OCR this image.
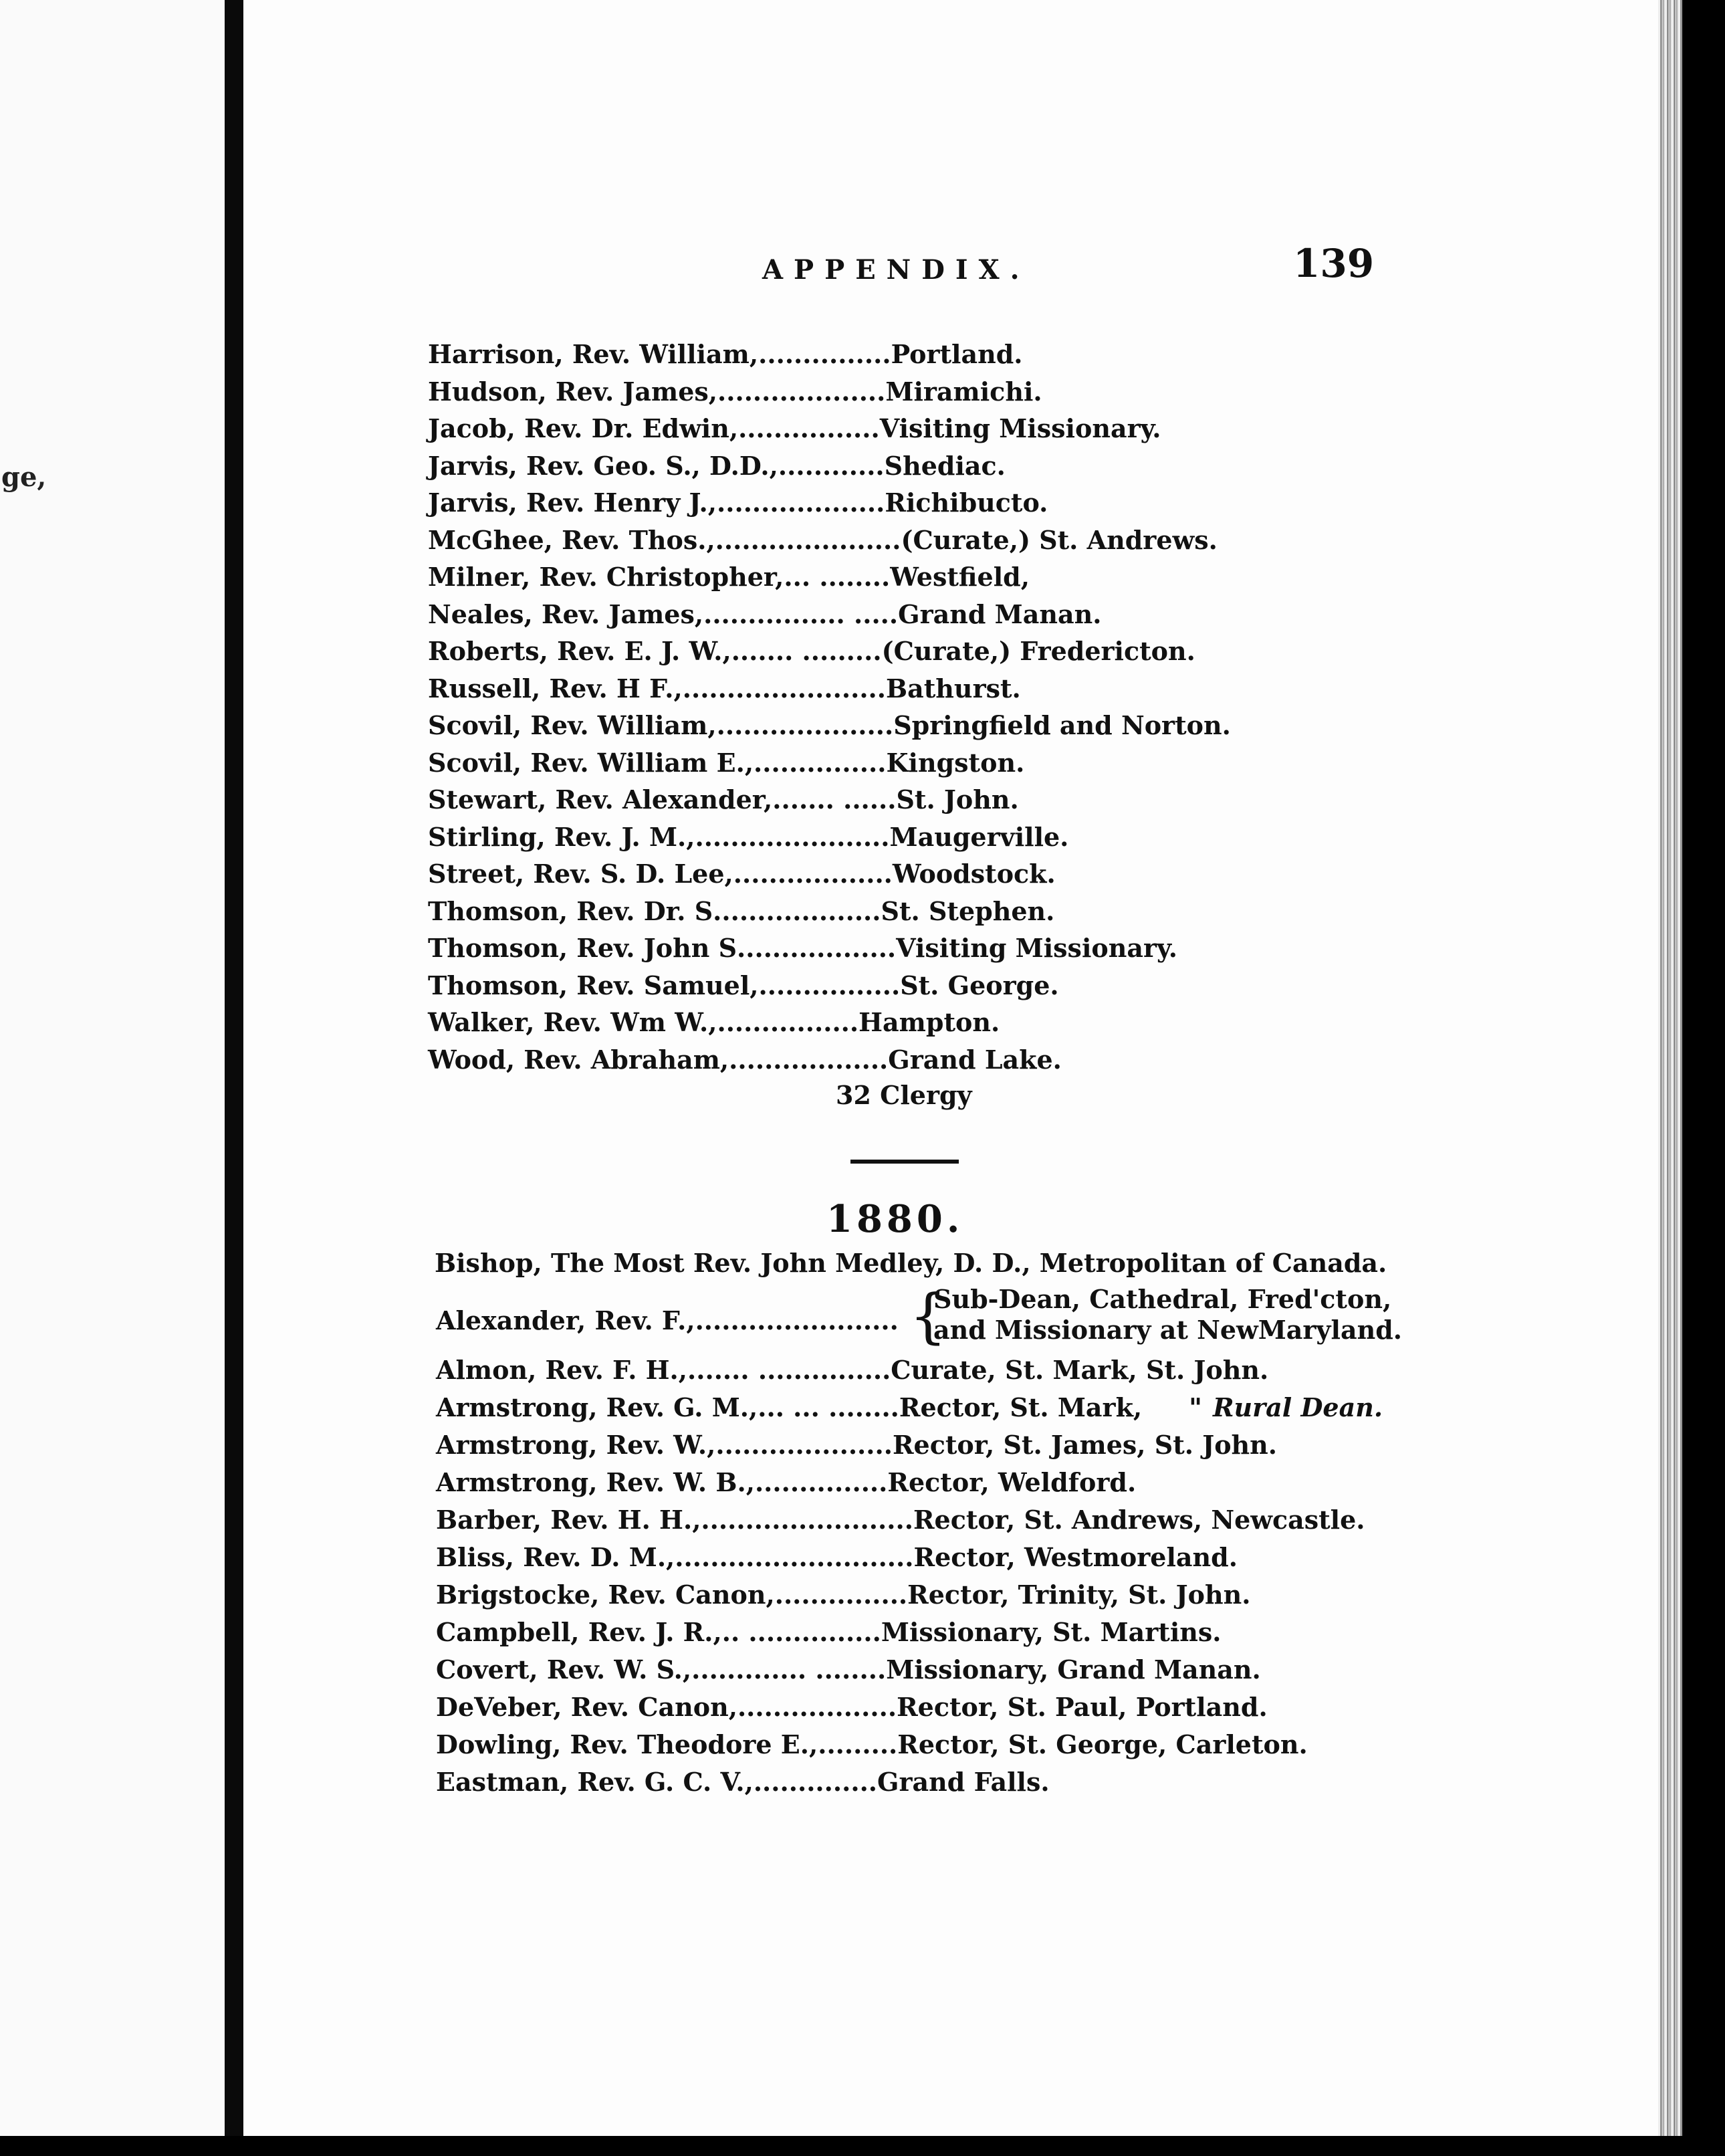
ge,
APPENDIX.	139
Harrison, Rev. William,...............Portland.
Hudson, Rev. James,...................Miramichi.
Jacob, Rev. Dr. Edwin,................Visiting Missionary.
Jarvis, Rev. Geo. S., D.D.,............Shediac.
Jarvis, Rev. Henry J.,...................Richibucto.
McGhee, Rev. Thos.,.....................(Curate,) St. Andrews.
Milner, Rev. Christopher,... ........Westfield,
Neales, Rev. James,................ .....Grand Manan.
Roberts, Rev. E. J. W.,....... .........(Curate,) Fredericton.
Russell, Rev. H F.,.......................Bathurst.
Scovil, Rev. William,....................Springfield and Norton.
Scovil, Rev. William E.,...............Kingston.
Stewart, Rev. Alexander,....... ......St. John.
Stirling, Rev. J. M.,......................Maugerville.
Street, Rev. S. D. Lee,..................Woodstock.
Thomson, Rev. Dr. S...................St. Stephen.
Thomson, Rev. John S..................Visiting Missionary.
Thomson, Rev. Samuel,................St. George.
Walker, Rev. Wm W.,................Hampton.
Wood, Rev. Abraham,..................Grand Lake.
32 Clergy
1880.
Bishop, The Most Rev. John Medley, D. D., Metropolitan of Canada.
Alexander, Rev. F.,....................... {
Sub-Dean, Cathedral, Fred'cton,
and Missionary at NewMaryland.
Almon, Rev. F. H.,....... ...............Curate, St. Mark, St. John.
Armstrong, Rev. G. M.,... ... ........Rector, St. Mark, " Rural Dean.
Armstrong, Rev. W.,....................Rector, St. James, St. John.
Armstrong, Rev. W. B.,...............Rector, Weldford.
Barber, Rev. H. H.,........................Rector, St. Andrews, Newcastle.
Bliss, Rev. D. M.,...........................Rector, Westmoreland.
Brigstocke, Rev. Canon,...............Rector, Trinity, St. John.
Campbell, Rev. J. R.,.. ...............Missionary, St. Martins.
Covert, Rev. W. S.,............. ........Missionary, Grand Manan.
DeVeber, Rev. Canon,..................Rector, St. Paul, Portland.
Dowling, Rev. Theodore E.,.........Rector, St. George, Carleton.
Eastman, Rev. G. C. V.,..............Grand Falls.
